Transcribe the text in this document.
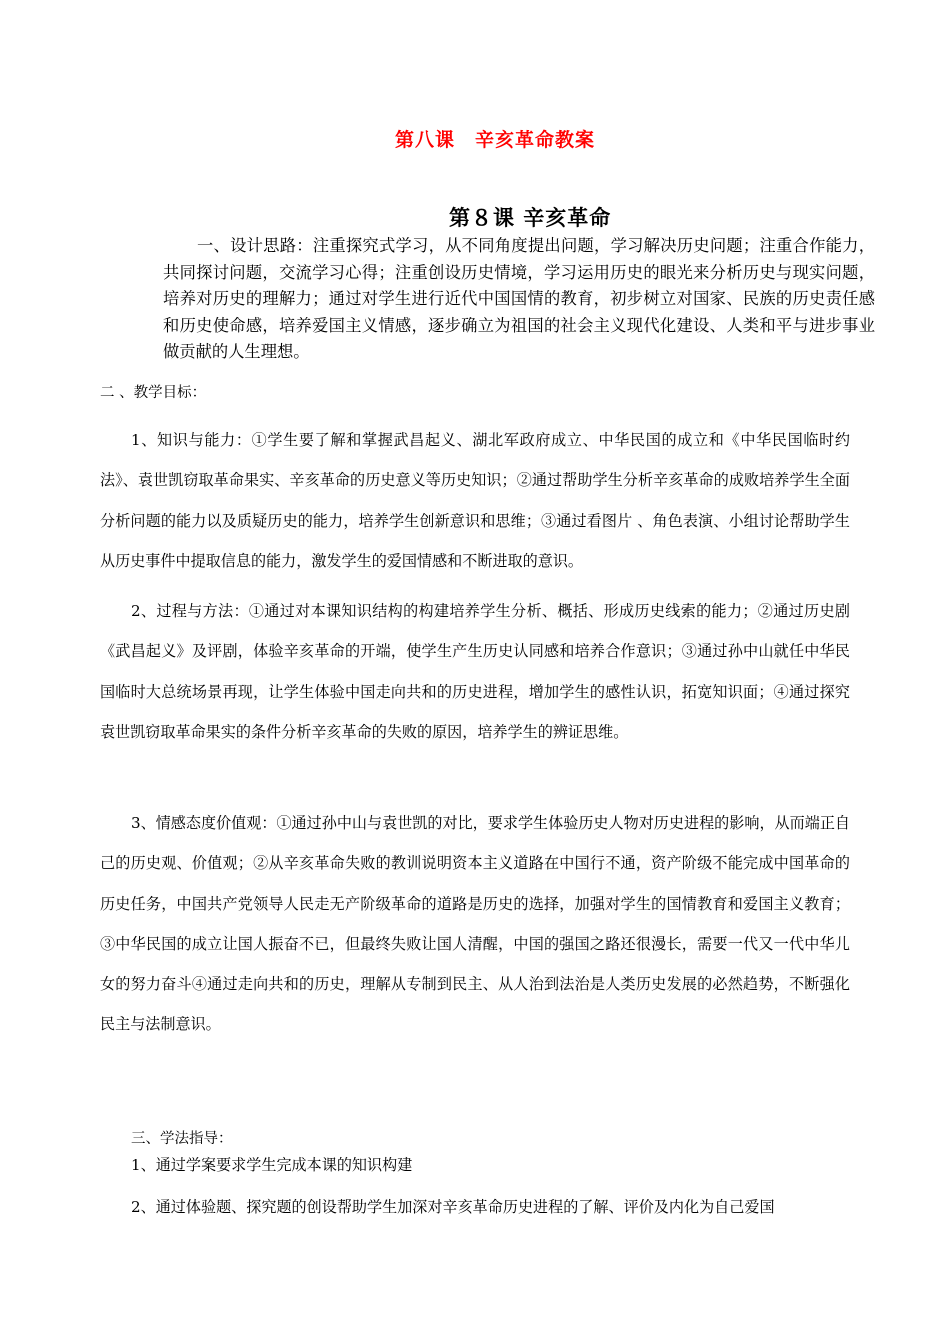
第八课　辛亥革命教案
第８课 辛亥革命

一、设计思路：注重探究式学习，从不同角度提出问题，学习解决历史问题；注重合作能力，共同探讨问题，交流学习心得；注重创设历史情境，学习运用历史的眼光来分析历史与现实问题，培养对历史的理解力；通过对学生进行近代中国国情的教育，初步树立对国家、民族的历史责任感和历史使命感，培养爱国主义情感，逐步确立为祖国的社会主义现代化建设、人类和平与进步事业做贡献的人生理想。

二 、教学目标：

1、知识与能力：①学生要了解和掌握武昌起义、湖北军政府成立、中华民国的成立和《中华民国临时约法》、袁世凯窃取革命果实、辛亥革命的历史意义等历史知识；②通过帮助学生分析辛亥革命的成败培养学生全面分析问题的能力以及质疑历史的能力，培养学生创新意识和思维；③通过看图片 、角色表演、小组讨论帮助学生从历史事件中提取信息的能力，激发学生的爱国情感和不断进取的意识。

2、过程与方法：①通过对本课知识结构的构建培养学生分析、概括、形成历史线索的能力；②通过历史剧《武昌起义》及评剧，体验辛亥革命的开端，使学生产生历史认同感和培养合作意识；③通过孙中山就任中华民国临时大总统场景再现，让学生体验中国走向共和的历史进程，增加学生的感性认识，拓宽知识面；④通过探究袁世凯窃取革命果实的条件分析辛亥革命的失败的原因，培养学生的辨证思维。

3、情感态度价值观：①通过孙中山与袁世凯的对比，要求学生体验历史人物对历史进程的影响，从而端正自己的历史观、价值观；②从辛亥革命失败的教训说明资本主义道路在中国行不通，资产阶级不能完成中国革命的历史任务，中国共产党领导人民走无产阶级革命的道路是历史的选择，加强对学生的国情教育和爱国主义教育；③中华民国的成立让国人振奋不已，但最终失败让国人清醒，中国的强国之路还很漫长，需要一代又一代中华儿女的努力奋斗④通过走向共和的历史，理解从专制到民主、从人治到法治是人类历史发展的必然趋势，不断强化民主与法制意识。

三、学法指导：

1、通过学案要求学生完成本课的知识构建

2、通过体验题、探究题的创设帮助学生加深对辛亥革命历史进程的了解、评价及内化为自己爱国
